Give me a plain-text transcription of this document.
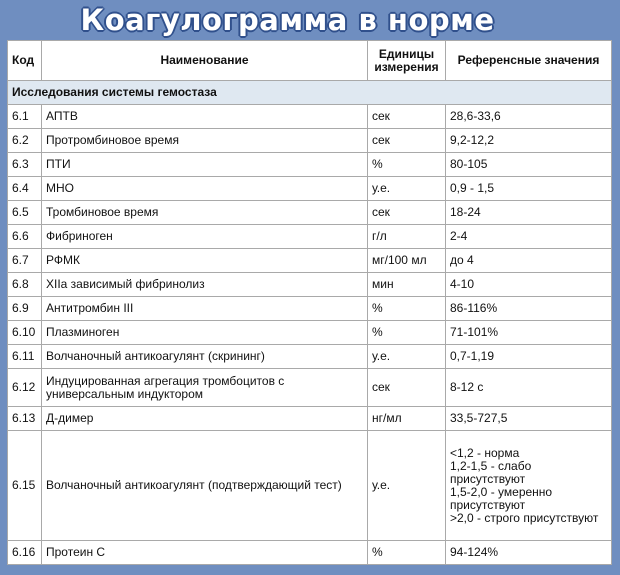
Коагулограмма в норме
Код	Наименование	Единицы измерения	Референсные значения
Исследования системы гемостаза			
6.1	АПТВ	сек	28,6-33,6
6.2	Протромбиновое время	сек	9,2-12,2
6.3	ПТИ	%	80-105
6.4	МНО	у.е.	0,9 - 1,5
6.5	Тромбиновое время	сек	18-24
6.6	Фибриноген	г/л	2-4
6.7	РФМК	мг/100 мл	до 4
6.8	XIIa зависимый фибринолиз	мин	4-10
6.9	Антитромбин III	%	86-116%
6.10	Плазминоген	%	71-101%
6.11	Волчаночный антикоагулянт (скрининг)	у.е.	0,7-1,19
6.12	Индуцированная агрегация тромбоцитов с универсальным индуктором	сек	8-12 с
6.13	Д-димер	нг/мл	33,5-727,5
6.15	Волчаночный антикоагулянт (подтверждающий тест)	у.е.	<1,2 - норма
1,2-1,5 - слабо присутствуют
1,5-2,0 - умеренно присутствуют
>2,0 - строго присутствуют

6.16	Протеин С	%	94-124%
